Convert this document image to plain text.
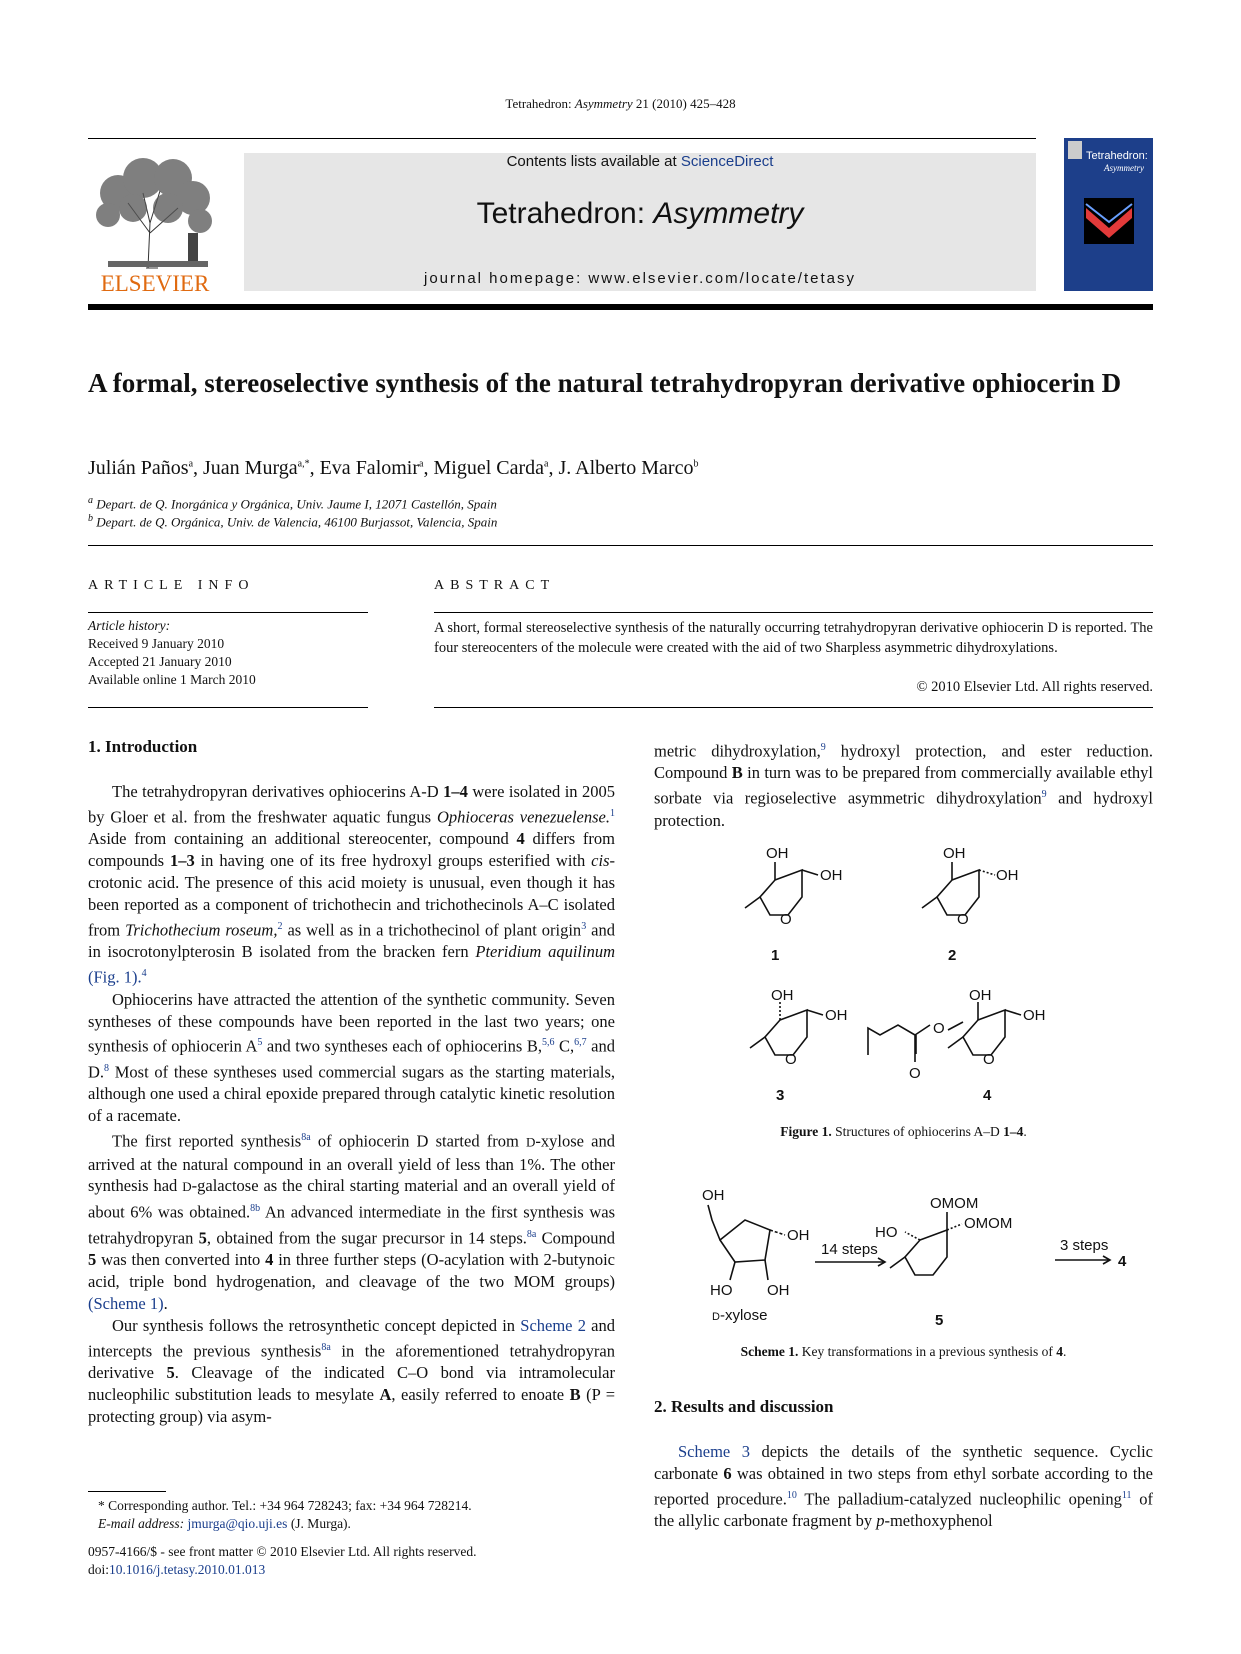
Tetrahedron: Asymmetry 21 (2010) 425–428
ELSEVIER
Contents lists available at ScienceDirect
Tetrahedron: Asymmetry
journal homepage: www.elsevier.com/locate/tetasy
Tetrahedron:
Asymmetry
A formal, stereoselective synthesis of the natural tetrahydropyran derivative ophiocerin D
Julián Paños$^a$, Juan Murga$^{a,*}$, Eva Falomir$^a$, Miguel Carda$^a$, J. Alberto Marco$^b$
$^a$ Depart. de Q. Inorgánica y Orgánica, Univ. Jaume I, 12071 Castellón, Spain
$^b$ Depart. de Q. Orgánica, Univ. de Valencia, 46100 Burjassot, Valencia, Spain
ARTICLE INFO
Article history:
Received 9 January 2010
Accepted 21 January 2010
Available online 1 March 2010
ABSTRACT
A short, formal stereoselective synthesis of the naturally occurring tetrahydropyran derivative ophiocerin D is reported. The four stereocenters of the molecule were created with the aid of two Sharpless asymmetric dihydroxylations.
© 2010 Elsevier Ltd. All rights reserved.
1. Introduction

The tetrahydropyran derivatives ophiocerins A-D 1–4 were isolated in 2005 by Gloer et al. from the freshwater aquatic fungus Ophioceras venezuelense.$^1$ Aside from containing an additional stereocenter, compound 4 differs from compounds 1–3 in having one of its free hydroxyl groups esterified with cis-crotonic acid. The presence of this acid moiety is unusual, even though it has been reported as a component of trichothecin and trichothecinols A–C isolated from Trichothecium roseum,$^2$ as well as in a trichothecinol of plant origin$^3$ and in isocrotonylpterosin B isolated from the bracken fern Pteridium aquilinum (Fig. 1).$^4$

Ophiocerins have attracted the attention of the synthetic community. Seven syntheses of these compounds have been reported in the last two years; one synthesis of ophiocerin $A^5$ and two syntheses each of ophiocerins B,$^{5,6}$ C,$^{6,7}$ and D.$^8$ Most of these syntheses used commercial sugars as the starting materials, although one used a chiral epoxide prepared through catalytic kinetic resolution of a racemate.

The first reported synthesis$^{8a}$ of ophiocerin D started from D-xylose and arrived at the natural compound in an overall yield of less than 1%. The other synthesis had D-galactose as the chiral starting material and an overall yield of about 6% was obtained.$^{8b}$ An advanced intermediate in the first synthesis was tetrahydropyran 5, obtained from the sugar precursor in 14 steps.$^{8a}$ Compound 5 was then converted into 4 in three further steps (O-acylation with 2-butynoic acid, triple bond hydrogenation, and cleavage of the two MOM groups) (Scheme 1).

Our synthesis follows the retrosynthetic concept depicted in Scheme 2 and intercepts the previous synthesis$^{8a}$ in the aforementioned tetrahydropyran derivative 5. Cleavage of the indicated C–O bond via intramolecular nucleophilic substitution leads to mesylate A, easily referred to enoate B (P = protecting group) via asym-

* Corresponding author. Tel.: +34 964 728243; fax: +34 964 728214.
E-mail address: jmurga@qio.uji.es (J. Murga).
0957-4166/$ - see front matter © 2010 Elsevier Ltd. All rights reserved.
doi:10.1016/j.tetasy.2010.01.013

metric dihydroxylation,$^9$ hydroxyl protection, and ester reduction. Compound B in turn was to be prepared from commercially available ethyl sorbate via regioselective asymmetric dihydroxylation$^9$ and hydroxyl protection.

OH
OH
O
OH
OH
O
OH
OH
O
OH
OH
O
O
O
1	2
3	4
Figure 1. Structures of ophiocerins A–D 1–4.
OH
OH
HO OH
D-xylose
14 steps
OMOM
OMOM
HO
5
3 steps
4
Scheme 1. Key transformations in a previous synthesis of 4.
2. Results and discussion

Scheme 3 depicts the details of the synthetic sequence. Cyclic carbonate 6 was obtained in two steps from ethyl sorbate according to the reported procedure.$^{10}$ The palladium-catalyzed nucleophilic opening$^{11}$ of the allylic carbonate fragment by p-methoxyphenol
